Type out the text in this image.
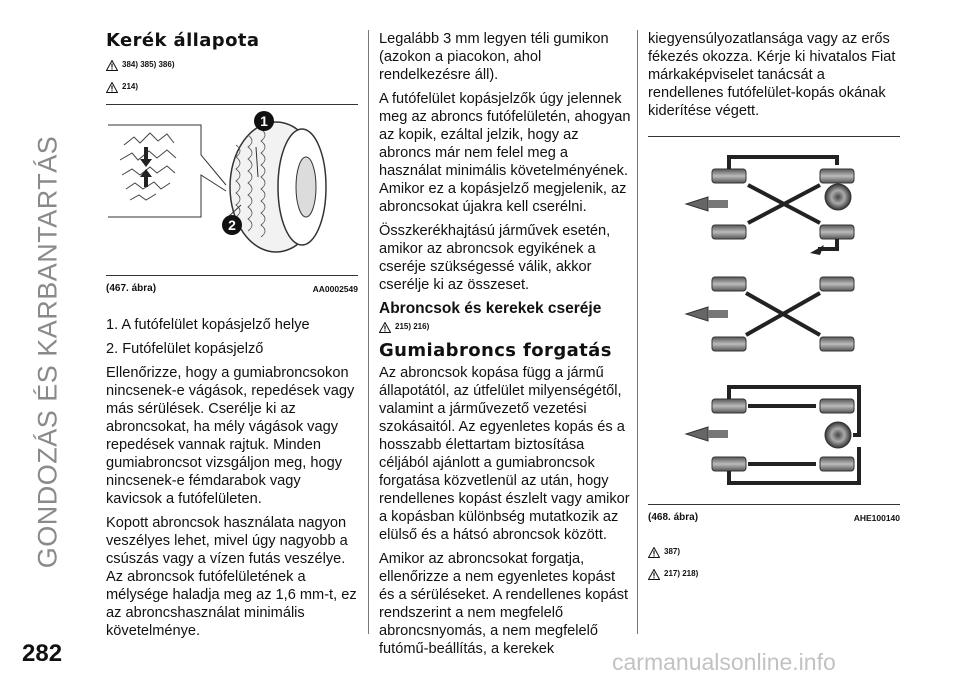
GONDOZÁS ÉS KARBANTARTÁS
282	carmanualsonline.info
Kerék állapota
384) 385) 386)
214)
1
2
(467. ábra)	AA0002549

1. A futófelület kopásjelző helye

2. Futófelület kopásjelző

Ellenőrizze, hogy a gumiabroncsokon nincsenek-e vágások, repedések vagy más sérülések. Cserélje ki az abroncsokat, ha mély vágások vagy repedések vannak rajtuk. Minden gumiabroncsot vizsgáljon meg, hogy nincsenek-e fémdarabok vagy kavicsok a futófelületen.

Kopott abroncsok használata nagyon veszélyes lehet, mivel úgy nagyobb a csúszás vagy a vízen futás veszélye. Az abroncsok futófelületének a mélysége haladja meg az 1,6 mm-t, ez az abroncshasználat minimális követelménye.

Legalább 3 mm legyen téli gumikon (azokon a piacokon, ahol rendelkezésre áll).

A futófelület kopásjelzők úgy jelennek meg az abroncs futófelületén, ahogyan az kopik, ezáltal jelzik, hogy az abroncs már nem felel meg a használat minimális követelményének. Amikor ez a kopásjelző megjelenik, az abroncsokat újakra kell cserélni.

Összkerékhajtású járművek esetén, amikor az abroncsok egyikének a cseréje szükségessé válik, akkor cserélje ki az összeset.

Abroncsok és kerekek cseréje
215) 216)
Gumiabroncs forgatás

Az abroncsok kopása függ a jármű állapotától, az útfelület milyenségétől, valamint a járművezető vezetési szokásaitól. Az egyenletes kopás és a hosszabb élettartam biztosítása céljából ajánlott a gumiabroncsok forgatása közvetlenül az után, hogy rendellenes kopást észlelt vagy amikor a kopásban különbség mutatkozik az elülső és a hátsó abroncsok között.

Amikor az abroncsokat forgatja, ellenőrizze a nem egyenletes kopást és a sérüléseket. A rendellenes kopást rendszerint a nem megfelelő abroncsnyomás, a nem megfelelő futómű-beállítás, a kerekek

kiegyensúlyozatlansága vagy az erős fékezés okozza. Kérje ki hivatalos Fiat márkaképviselet tanácsát a rendellenes futófelület-kopás okának kiderítése végett.

(468. ábra)	AHE100140
387)
217) 218)
